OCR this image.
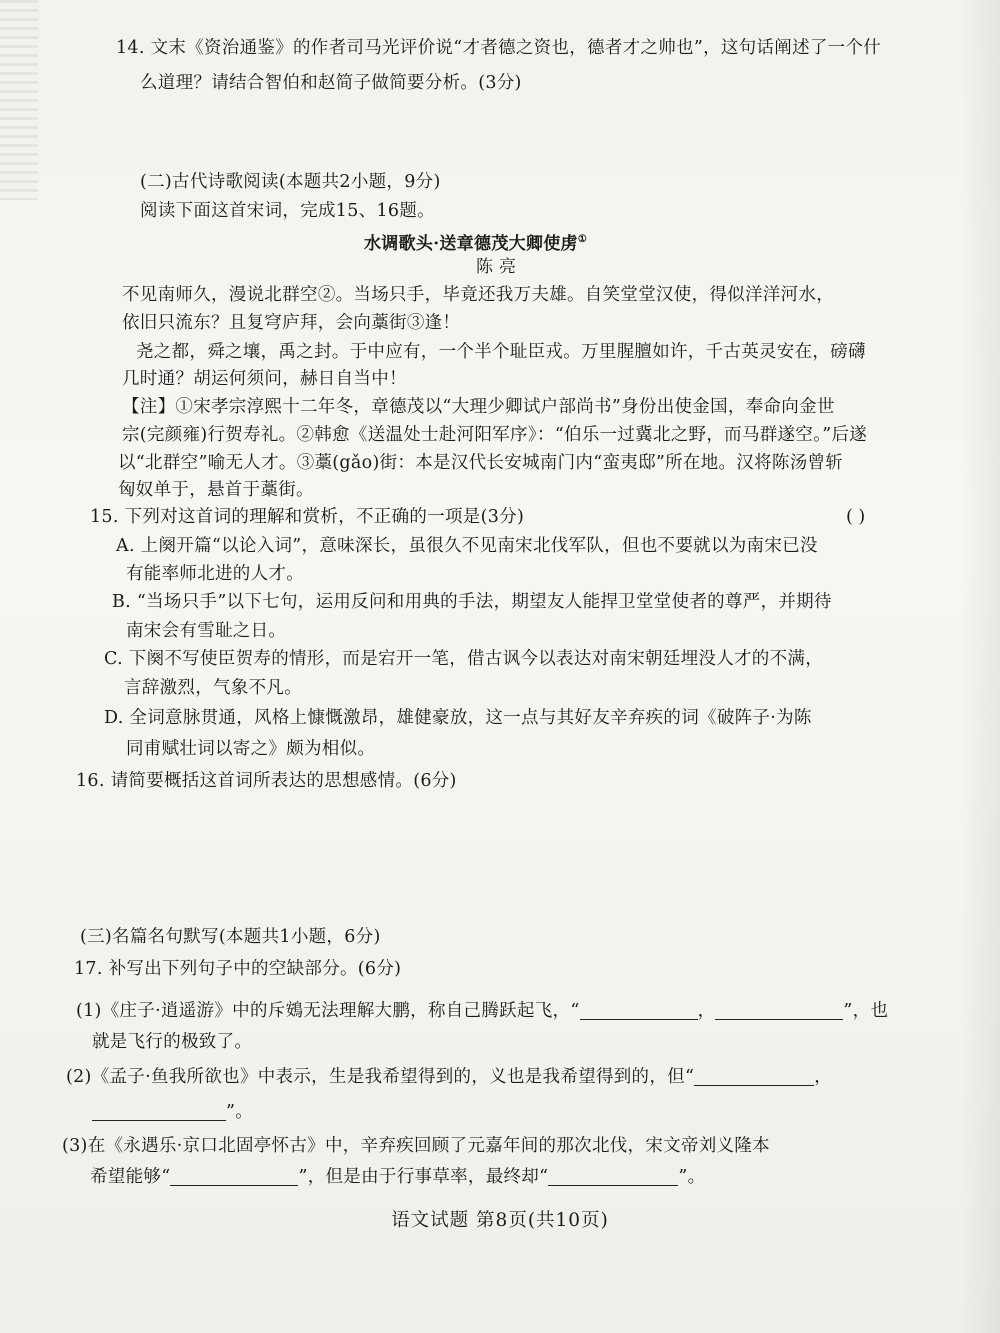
14. 文末《资治通鉴》的作者司马光评价说“才者德之资也，德者才之帅也”，这句话阐述了一个什
么道理？请结合智伯和赵简子做简要分析。(3分)
(二)古代诗歌阅读(本题共2小题，9分)
阅读下面这首宋词，完成15、16题。
水调歌头·送章德茂大卿使虏①
陈亮
不见南师久，漫说北群空②。当场只手，毕竟还我万夫雄。自笑堂堂汉使，得似洋洋河水，
依旧只流东？且复穹庐拜，会向藁街③逢！
尧之都，舜之壤，禹之封。于中应有，一个半个耻臣戎。万里腥膻如许，千古英灵安在，磅礴
几时通？胡运何须问，赫日自当中！
【注】①宋孝宗淳熙十二年冬，章德茂以“大理少卿试户部尚书”身份出使金国，奉命向金世
宗(完颜雍)行贺寿礼。②韩愈《送温处士赴河阳军序》：“伯乐一过冀北之野，而马群遂空。”后遂
以“北群空”喻无人才。③藁(gǎo)街：本是汉代长安城南门内“蛮夷邸”所在地。汉将陈汤曾斩
匈奴单于，悬首于藁街。
15. 下列对这首词的理解和赏析，不正确的一项是(3分)	( )
A. 上阕开篇“以论入词”，意味深长，虽很久不见南宋北伐军队，但也不要就以为南宋已没
有能率师北进的人才。
B. “当场只手”以下七句，运用反问和用典的手法，期望友人能捍卫堂堂使者的尊严，并期待
南宋会有雪耻之日。
C. 下阕不写使臣贺寿的情形，而是宕开一笔，借古讽今以表达对南宋朝廷埋没人才的不满，
言辞激烈，气象不凡。
D. 全词意脉贯通，风格上慷慨激昂，雄健豪放，这一点与其好友辛弃疾的词《破阵子·为陈
同甫赋壮词以寄之》颇为相似。
16. 请简要概括这首词所表达的思想感情。(6分)
(三)名篇名句默写(本题共1小题，6分)
17. 补写出下列句子中的空缺部分。(6分)
(1)《庄子·逍遥游》中的斥鴳无法理解大鹏，称自己腾跃起飞，“	，	”，也
就是飞行的极致了。
(2)《孟子·鱼我所欲也》中表示，生是我希望得到的，义也是我希望得到的，但“	，
”。
(3)在《永遇乐·京口北固亭怀古》中，辛弃疾回顾了元嘉年间的那次北伐，宋文帝刘义隆本
希望能够“	”，但是由于行事草率，最终却“	”。
语文试题 第8页(共10页)
